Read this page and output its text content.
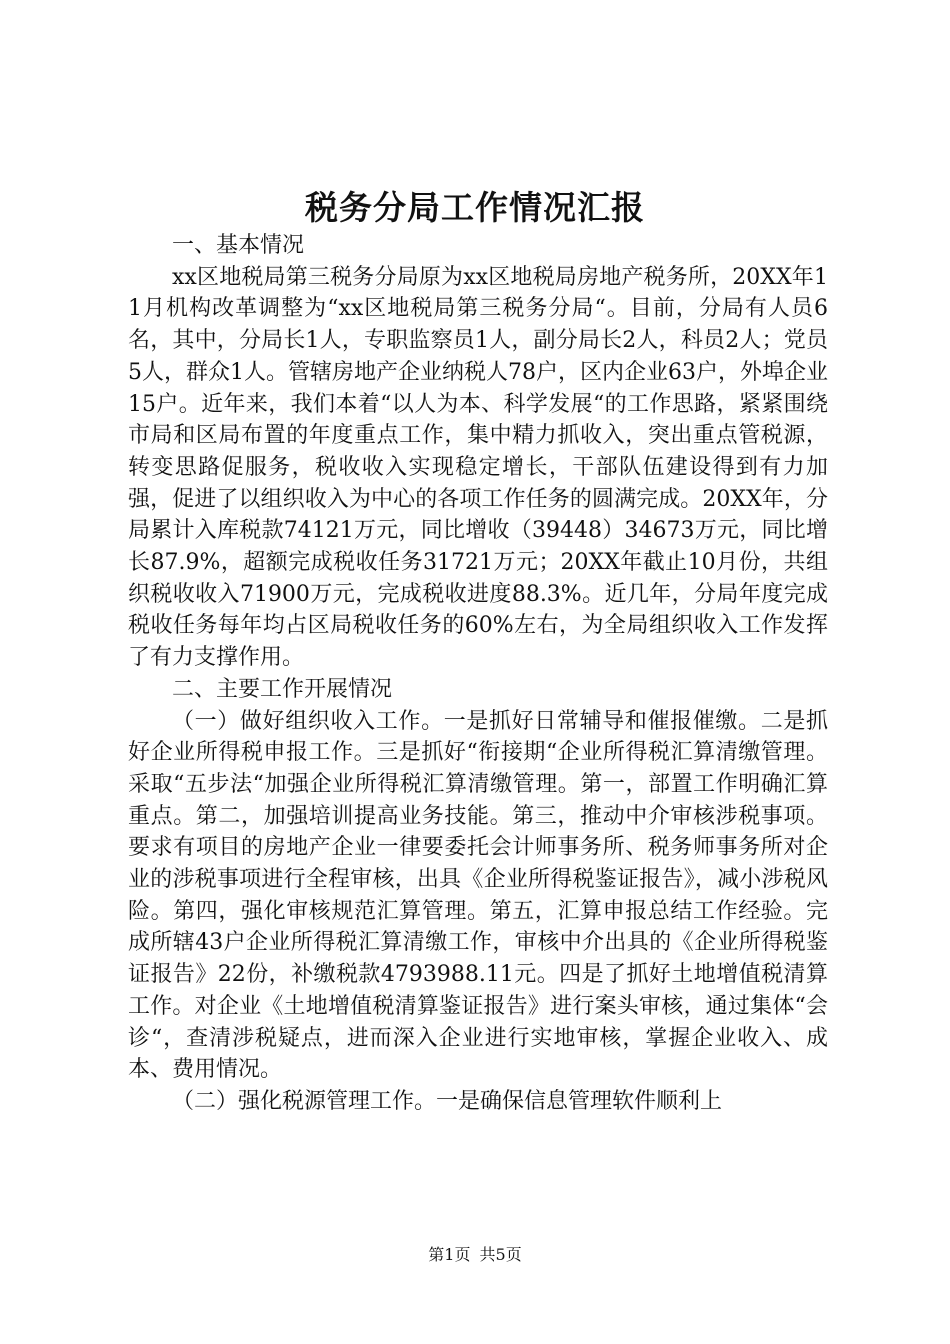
税务分局工作情况汇报

一、基本情况

xx区地税局第三税务分局原为xx区地税局房地产税务所，20XX年11月机构改革调整为“xx区地税局第三税务分局“。目前，分局有人员6名，其中，分局长1人，专职监察员1人，副分局长2人，科员2人；党员5人，群众1人。管辖房地产企业纳税人78户，区内企业63户，外埠企业15户。近年来，我们本着“以人为本、科学发展“的工作思路，紧紧围绕市局和区局布置的年度重点工作，集中精力抓收入，突出重点管税源，转变思路促服务，税收收入实现稳定增长，干部队伍建设得到有力加强，促进了以组织收入为中心的各项工作任务的圆满完成。20XX年，分局累计入库税款74121万元，同比增收（39448）34673万元，同比增长87.9%，超额完成税收任务31721万元；20XX年截止10月份，共组织税收收入71900万元，完成税收进度88.3%。近几年，分局年度完成税收任务每年均占区局税收任务的60%左右，为全局组织收入工作发挥了有力支撑作用。

二、主要工作开展情况

（一）做好组织收入工作。一是抓好日常辅导和催报催缴。二是抓好企业所得税申报工作。三是抓好“衔接期“企业所得税汇算清缴管理。采取“五步法“加强企业所得税汇算清缴管理。第一，部置工作明确汇算重点。第二，加强培训提高业务技能。第三，推动中介审核涉税事项。要求有项目的房地产企业一律要委托会计师事务所、税务师事务所对企业的涉税事项进行全程审核，出具《企业所得税鉴证报告》，减小涉税风险。第四，强化审核规范汇算管理。第五，汇算申报总结工作经验。完成所辖43户企业所得税汇算清缴工作，审核中介出具的《企业所得税鉴证报告》22份，补缴税款4793988.11元。四是了抓好土地增值税清算工作。对企业《土地增值税清算鉴证报告》进行案头审核，通过集体“会诊“，查清涉税疑点，进而深入企业进行实地审核，掌握企业收入、成本、费用情况。

（二）强化税源管理工作。一是确保信息管理软件顺利上

第1页 共5页
